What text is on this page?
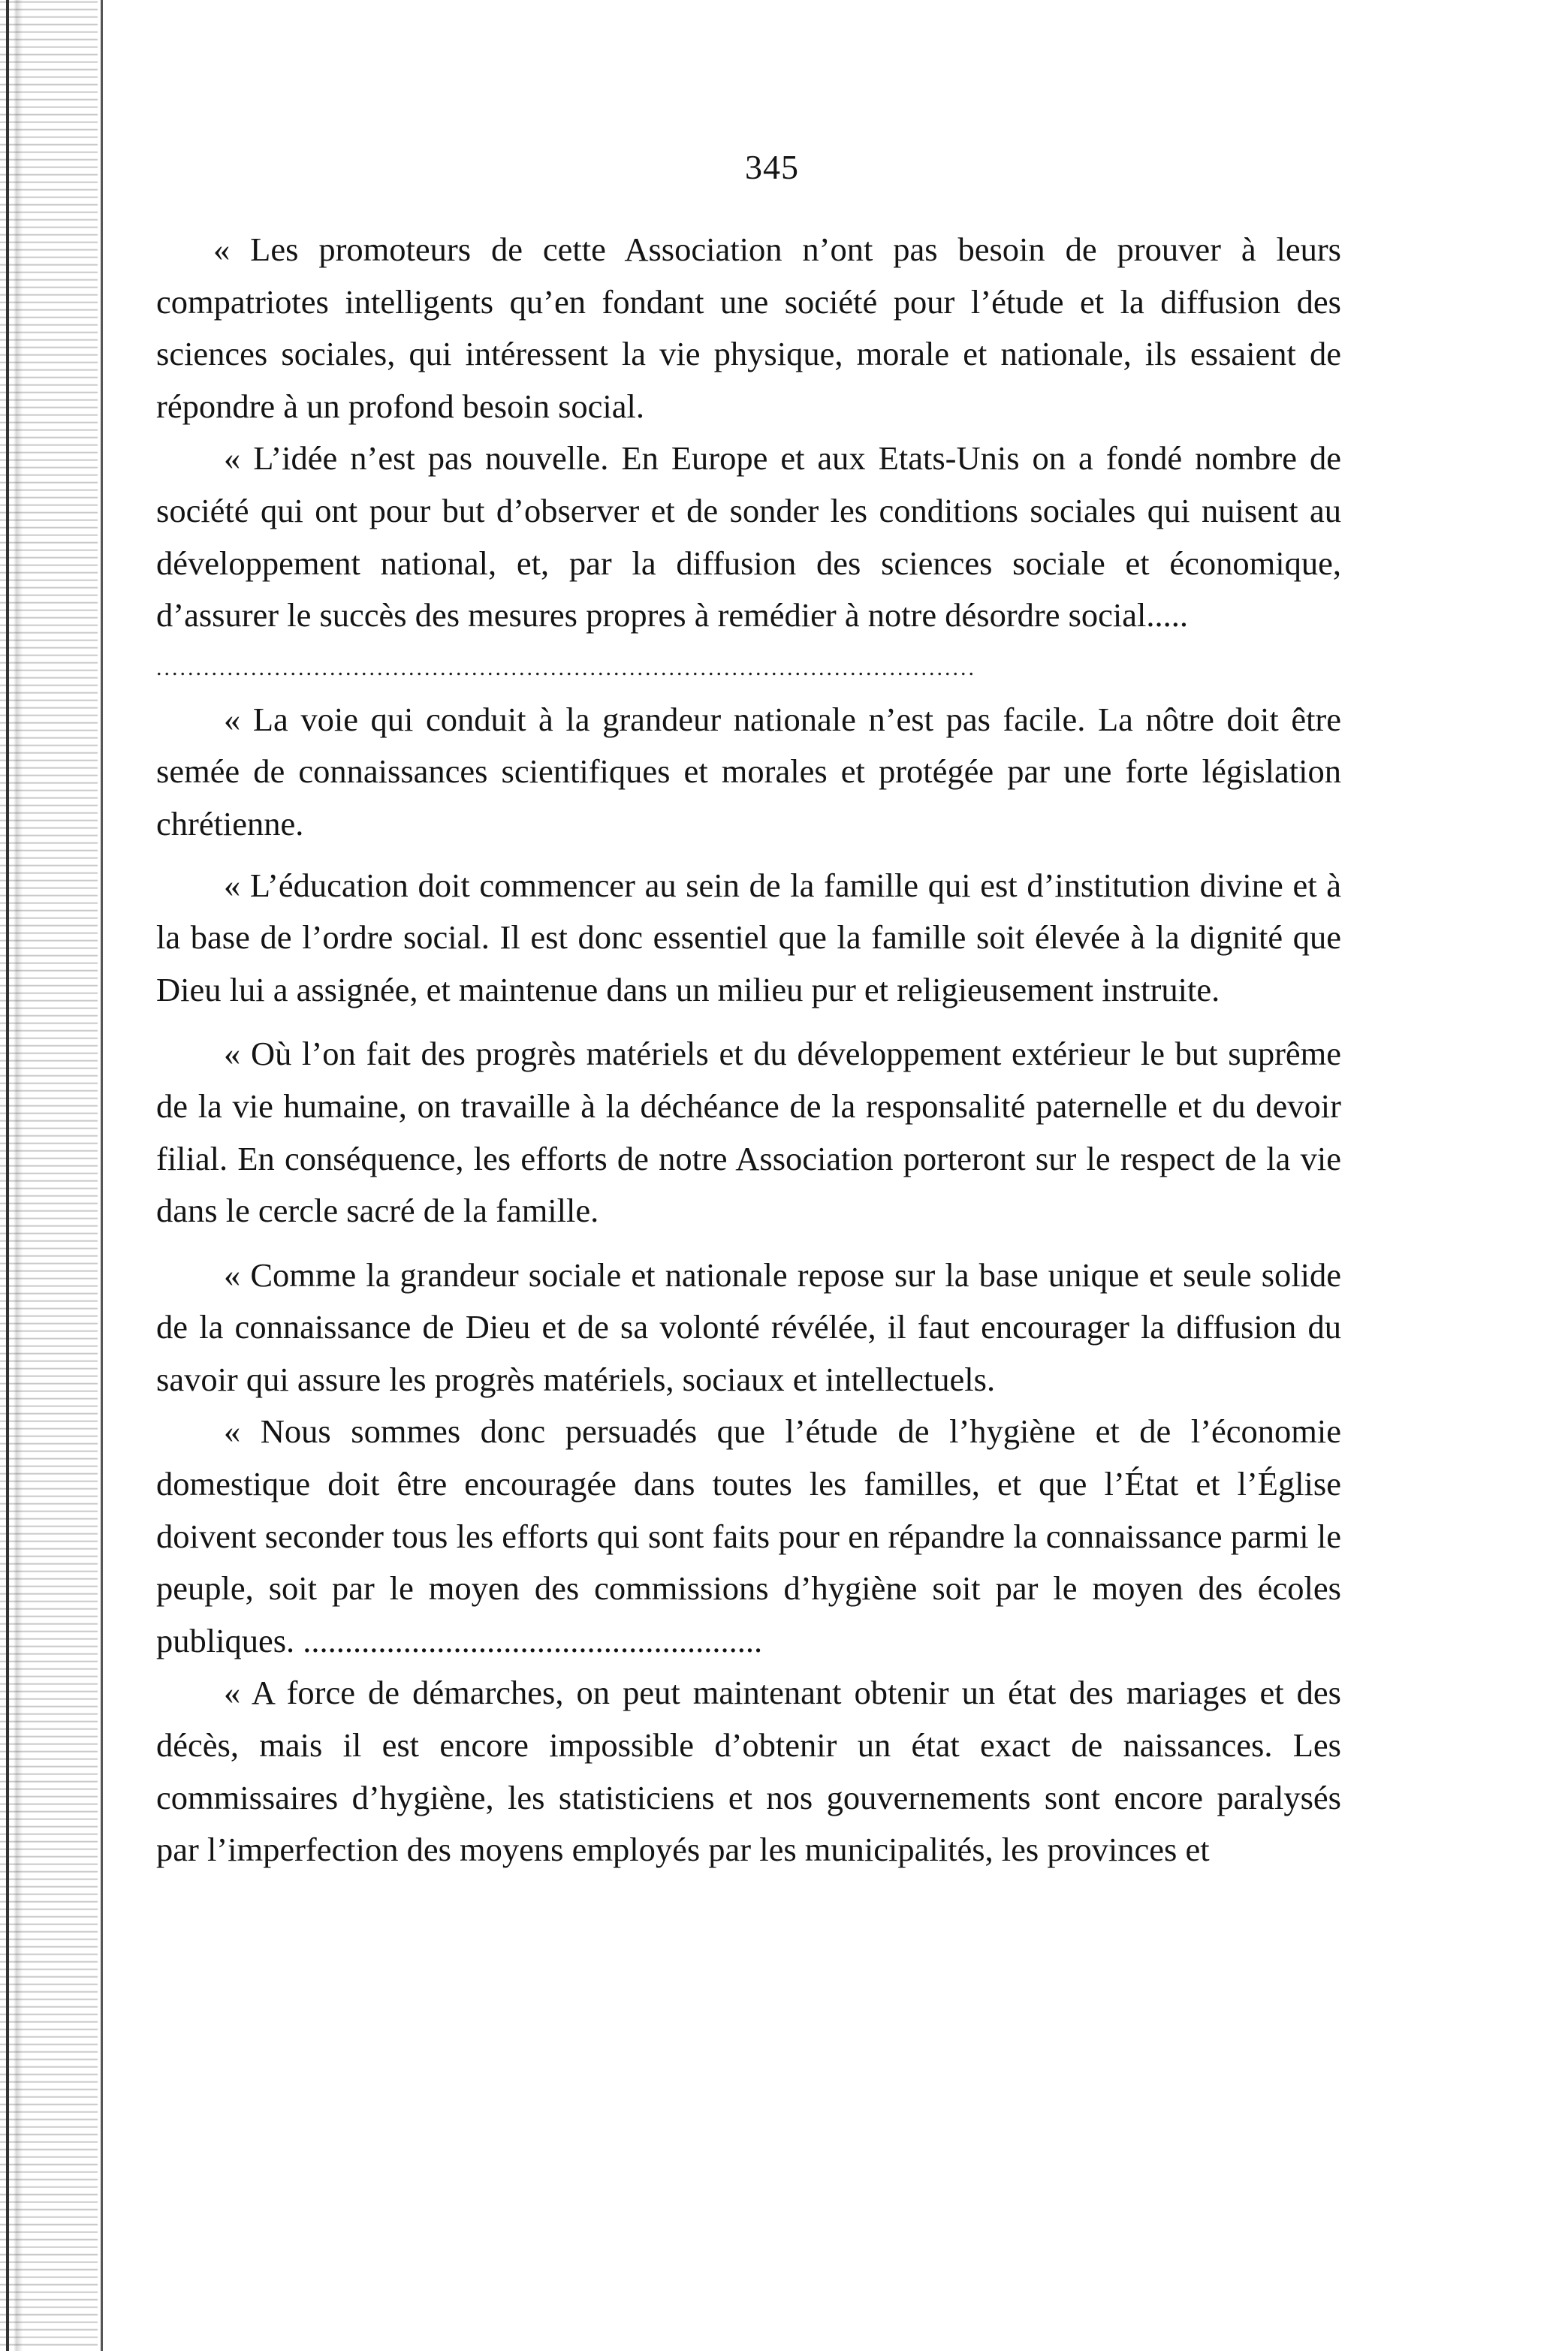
345

« Les promoteurs de cette Association n’ont pas besoin de prouver à leurs compatriotes intelligents qu’en fondant une société pour l’étude et la diffusion des sciences sociales, qui intéressent la vie physique, morale et nationale, ils essaient de répondre à un profond besoin social.

« L’idée n’est pas nouvelle. En Europe et aux Etats-Unis on a fondé nombre de société qui ont pour but d’observer et de sonder les conditions sociales qui nuisent au développement national, et, par la diffusion des sciences sociale et économique, d’assurer le succès des mesures propres à remédier à notre désordre social.....

........................................................................................................

« La voie qui conduit à la grandeur nationale n’est pas facile. La nôtre doit être semée de connaissances scientifiques et morales et protégée par une forte législation chrétienne.

« L’éducation doit commencer au sein de la famille qui est d’institution divine et à la base de l’ordre social. Il est donc essentiel que la famille soit élevée à la dignité que Dieu lui a assignée, et maintenue dans un milieu pur et religieusement instruite.

« Où l’on fait des progrès matériels et du développement extérieur le but suprême de la vie humaine, on travaille à la déchéance de la responsalité paternelle et du devoir filial. En conséquence, les efforts de notre Association porteront sur le respect de la vie dans le cercle sacré de la famille.

« Comme la grandeur sociale et nationale repose sur la base unique et seule solide de la connaissance de Dieu et de sa volonté révélée, il faut encourager la diffusion du savoir qui assure les progrès matériels, sociaux et intellectuels.

« Nous sommes donc persuadés que l’étude de l’hygiène et de l’économie domestique doit être encouragée dans toutes les familles, et que l’État et l’Église doivent seconder tous les efforts qui sont faits pour en répandre la connaissance parmi le peuple, soit par le moyen des commissions d’hygiène soit par le moyen des écoles publiques. .......................................................

« A force de démarches, on peut maintenant obtenir un état des mariages et des décès, mais il est encore impossible d’obtenir un état exact de naissances. Les commissaires d’hygiène, les statisticiens et nos gouvernements sont encore paralysés par l’imperfection des moyens employés par les municipalités, les provinces et
